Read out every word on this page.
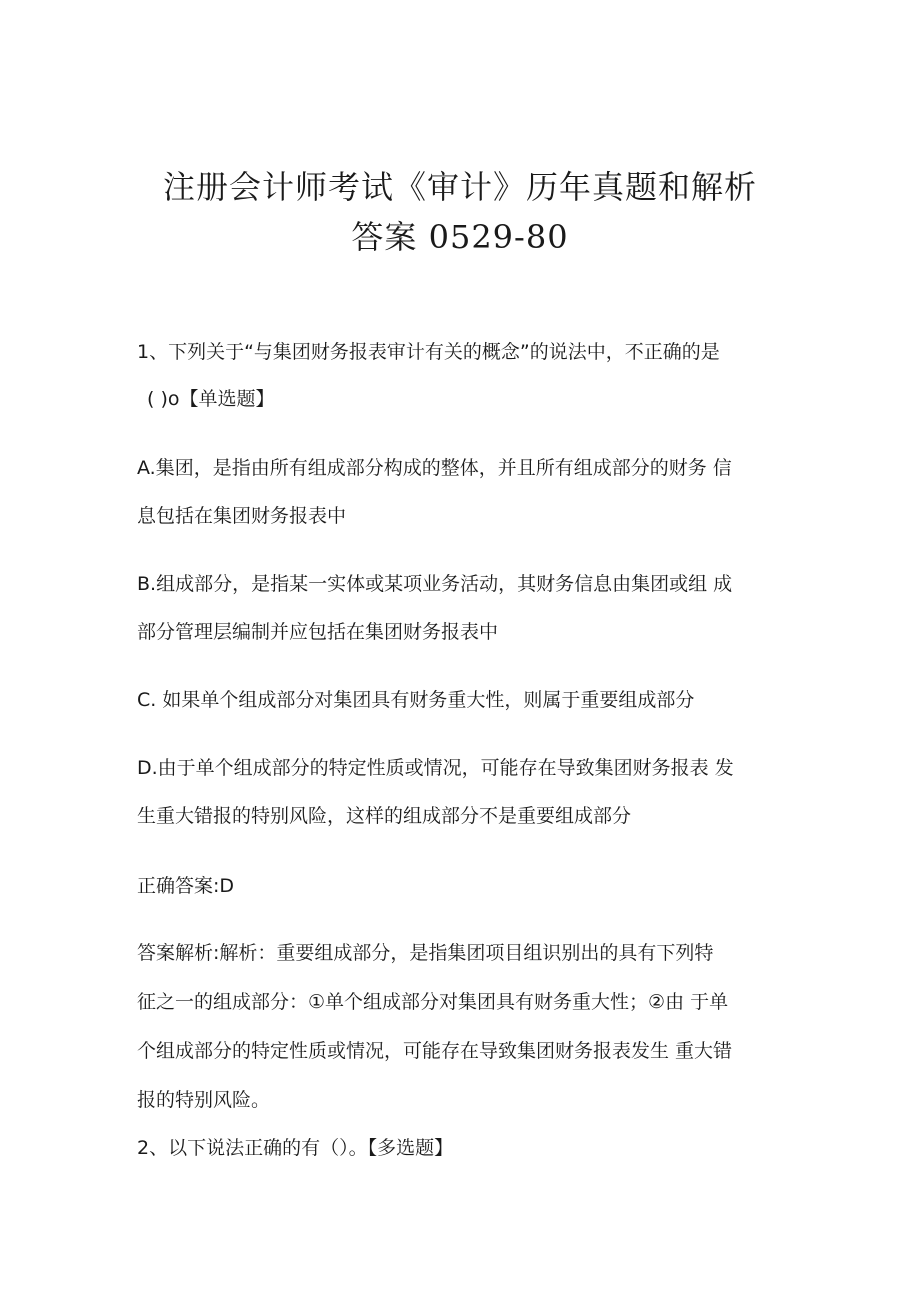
注册会计师考试《审计》历年真题和解析
答案 0529-80
1、下列关于“与集团财务报表审计有关的概念”的说法中，不正确的是
( )o【单选题】
A.集团，是指由所有组成部分构成的整体，并且所有组成部分的财务 信
息包括在集团财务报表中
B.组成部分，是指某一实体或某项业务活动，其财务信息由集团或组 成
部分管理层编制并应包括在集团财务报表中
C. 如果单个组成部分对集团具有财务重大性，则属于重要组成部分
D.由于单个组成部分的特定性质或情况，可能存在导致集团财务报表 发
生重大错报的特别风险，这样的组成部分不是重要组成部分
正确答案:D
答案解析:解析：重要组成部分，是指集团项目组识别出的具有下列特
征之一的组成部分：①单个组成部分对集团具有财务重大性；②由 于单
个组成部分的特定性质或情况，可能存在导致集团财务报表发生 重大错
报的特别风险。
2、以下说法正确的有（）。【多选题】
